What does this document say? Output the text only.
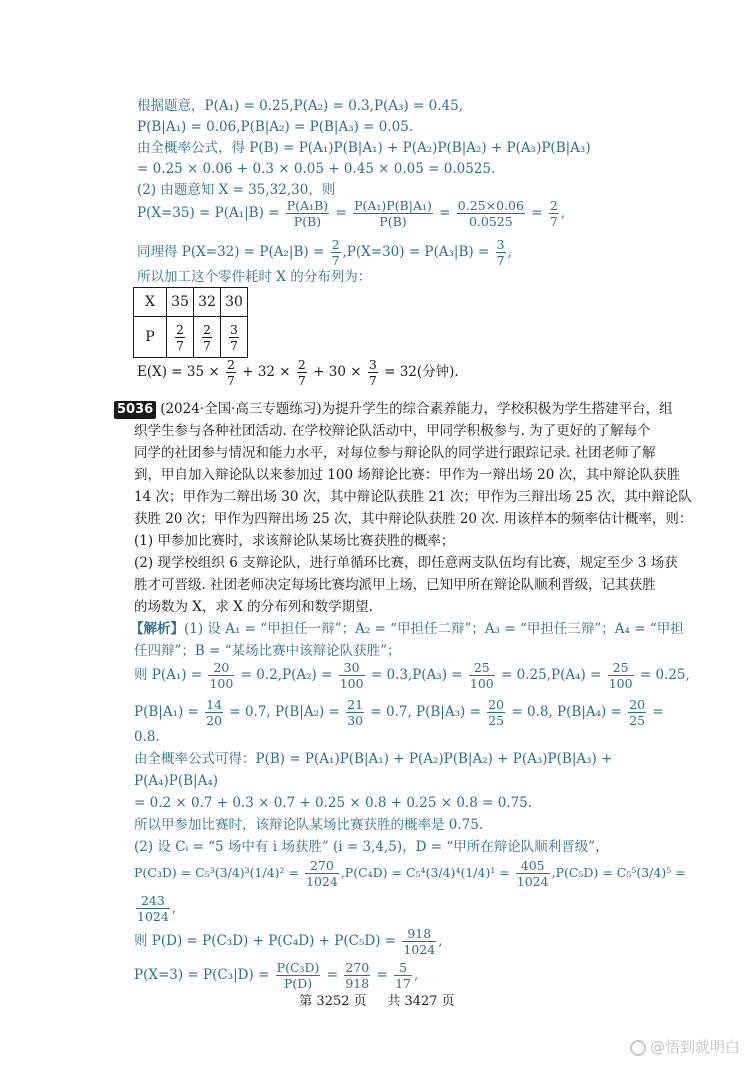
根据题意，P(A₁) = 0.25,P(A₂) = 0.3,P(A₃) = 0.45,
P(B|A₁) = 0.06,P(B|A₂) = P(B|A₃) = 0.05.
由全概率公式，得 P(B) = P(A₁)P(B|A₁) + P(A₂)P(B|A₂) + P(A₃)P(B|A₃)
= 0.25 × 0.06 + 0.3 × 0.05 + 0.45 × 0.05 = 0.0525.
(2) 由题意知 X = 35,32,30，则
$P(X=35) = P(A_1|B) = \frac{\text{P(A₁B)}}{P(B)} = \frac{\text{P(A₁)P(B|A₁)}}{P(B)} = \frac{0.25\times 0.06}{0.0525} = \frac{2}{7}$ ,
同理得 $P(X=32) = P(A_2|B) = \frac{2}{7} ,P(X=30) = P(A_3|B) = \frac{3}{7}$ ,
所以加工这个零件耗时 X 的分布列为：
X	35	32	30
P	$\frac{2}{7}$	$\frac{2}{7}$	$\frac{3}{7}$
$E(X) = 35 \times \frac{2}{7} + 32 \times \frac{2}{7} + 30 \times \frac{3}{7} = 32$(分钟).
5036 (2024·全国·高三专题练习)为提升学生的综合素养能力，学校积极为学生搭建平台，组
织学生参与各种社团活动. 在学校辩论队活动中，甲同学积极参与. 为了更好的了解每个
同学的社团参与情况和能力水平，对每位参与辩论队的同学进行跟踪记录. 社团老师了解
到，甲自加入辩论队以来参加过 100 场辩论比赛：甲作为一辩出场 20 次，其中辩论队获胜
14 次；甲作为二辩出场 30 次，其中辩论队获胜 21 次；甲作为三辩出场 25 次，其中辩论队
获胜 20 次；甲作为四辩出场 25 次，其中辩论队获胜 20 次. 用该样本的频率估计概率，则：
(1) 甲参加比赛时，求该辩论队某场比赛获胜的概率；
(2) 现学校组织 6 支辩论队，进行单循环比赛，即任意两支队伍均有比赛，规定至少 3 场获
胜才可晋级. 社团老师决定每场比赛均派甲上场，已知甲所在辩论队顺利晋级，记其获胜
的场数为 X，求 X 的分布列和数学期望.
【解析】(1) 设 A₁ = “甲担任一辩”；A₂ = “甲担任二辩”；A₃ = “甲担任三辩”；A₄ = “甲担
任四辩”；B = “某场比赛中该辩论队获胜”；
则 $P(A_1) = \frac{20}{100} = 0.2,P(A_2) = \frac{30}{100} = 0.3,P(A_3) = \frac{25}{100} = 0.25,P(A_4) = \frac{25}{100} = 0.25$,
$P(B|A_1) = \frac{14}{20} = 0.7$, $P(B|A_2) = \frac{21}{30} = 0.7$, $P(B|A_3) = \frac{20}{25} = 0.8$, $P(B|A_4) = \frac{20}{25}$ =
0.8.
由全概率公式可得：P(B) = P(A₁)P(B|A₁) + P(A₂)P(B|A₂) + P(A₃)P(B|A₃) +
P(A₄)P(B|A₄)
= 0.2 × 0.7 + 0.3 × 0.7 + 0.25 × 0.8 + 0.25 × 0.8 = 0.75.
所以甲参加比赛时，该辩论队某场比赛获胜的概率是 0.75.
(2) 设 Cᵢ = “5 场中有 i 场获胜” (i = 3,4,5)，D = “甲所在辩论队顺利晋级”，
$P(C_3D) = C_5^3(3/4)^3(1/4)^2 = \frac{270}{1024} ,P(C_4D) = C_5^4(3/4)^4(1/4)^1 = \frac{405}{1024} ,P(C_5D) = C_5^5(3/4)^5$ =
$\frac{243}{1024}$ ,
则 $P(D) = P(C_3D) + P(C_4D) + P(C_5D) = \frac{918}{1024}$ ,
$P(X=3) = P(C_3|D) = \frac{\text{P(C₃D)}}{P(D)} = \frac{270}{918} = \frac{5}{17}$ ,
第 3252 页 共 3427 页
@悟到就明白
